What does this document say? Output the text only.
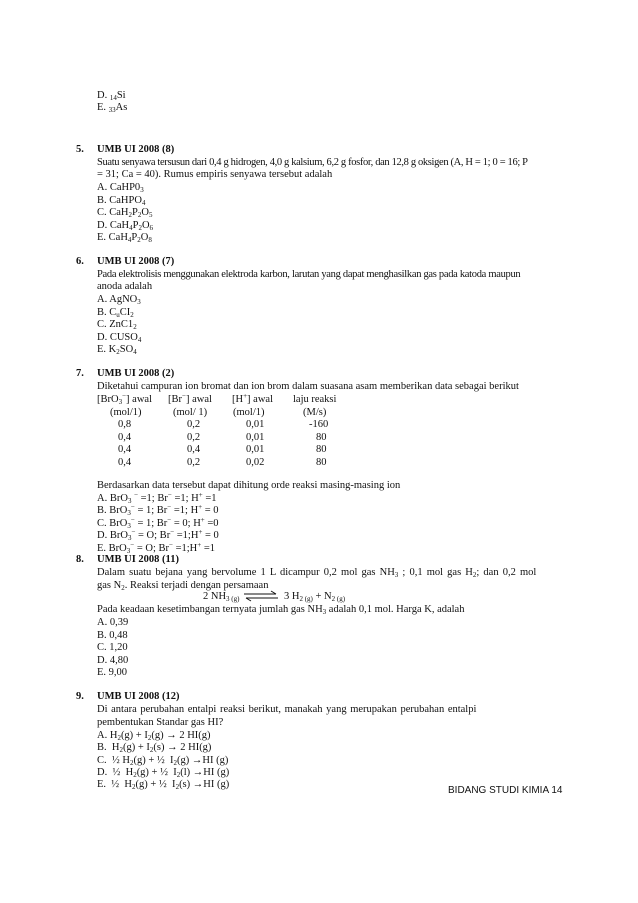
D. $_{14}$Si
E. $_{33}$As
5. UMB UI 2008 (8)
Suatu senyawa tersusun dari 0,4 g hidrogen, 4,0 g kalsium, 6,2 g fosfor, dan 12,8 g oksigen (A, H = 1; 0 = 16; P
= 31; Ca = 40). Rumus empiris senyawa tersebut adalah
A. $CaHP0_3$
B. CaHPO$_4$
C. $CaH_2P_2O_5$
D. $CaH_4P_2O_6$
E. $CaH_4P_2O_8$
6. UMB UI 2008 (7)
Pada elektrolisis menggunakan elektroda karbon, larutan yang dapat menghasilkan gas pada katoda maupun
anoda adalah
A. AgNO$_3$
B. $C_uCI_2$
C. $ZnC1_2$
D. $CUSO_4$
E. $K_2SO_4$
7. UMB UI 2008 (2)
Diketahui campuran ion bromat dan ion brom dalam suasana asam memberikan data sebagai berikut
[BrO$_3$−] awal [Br−] awal [H+] awal laju reaksi
(mol/1)	(mol/ 1) (mol/1)	(M/s)
0,8	0,2	0,01	-160
0,4	0,2	0,01	80
0,4	0,4	0,01	80
0,4	0,2	0,02	80
Berdasarkan data tersebut dapat dihitung orde reaksi masing-masing ion
A. BrO$_3$ − =1; Br− =1; H+ =1
B. BrO$_3$− = 1; Br− =1; H+ = 0
C. BrO$_3$− = 1; Br− = 0; H+ =0
D. BrO$_3$− = O; Br− =1;H+ = 0
E. BrO$_3$− = O; Br− =1;H+ =1
8. UMB UI 2008 (11)
Dalam suatu bejana yang bervolume 1 L dicampur 0,2 mol gas $NH_3$ ; 0,1 mol gas $H_2$; dan 0,2 mol
gas $N_2$. Reaksi terjadi dengan persamaan
2 $NH_{3 (g)}$ ⇌ 3 $H_{2 (g)} + N_{2 (g)}$
Pada keadaan kesetimbangan ternyata jumlah gas $NH_3$ adalah 0,1 mol. Harga K, adalah
A. 0,39
B. 0,48
C. 1,20
D. 4,80
E. 9,00
9. UMB UI 2008 (12)
Di antara perubahan entalpi reaksi berikut, manakah yang merupakan perubahan entalpi
pembentukan Standar gas HI?
A. $H_2(g) + I_2(g) \to 2$ HI(g)
B.  $H_2(g) + I_2(s) \to 2$ HI(g)
C.  ½ $H_2(g)$ + ½  $I_2(g) \to HI$ (g)
D.  ½  $H_2(g)$ + ½  $I_2(l) \to HI$ (g)
E.  ½  $H_2(g)$ + ½  $I_2(s) \to HI$ (g)
BIDANG STUDI KIMIA 14
